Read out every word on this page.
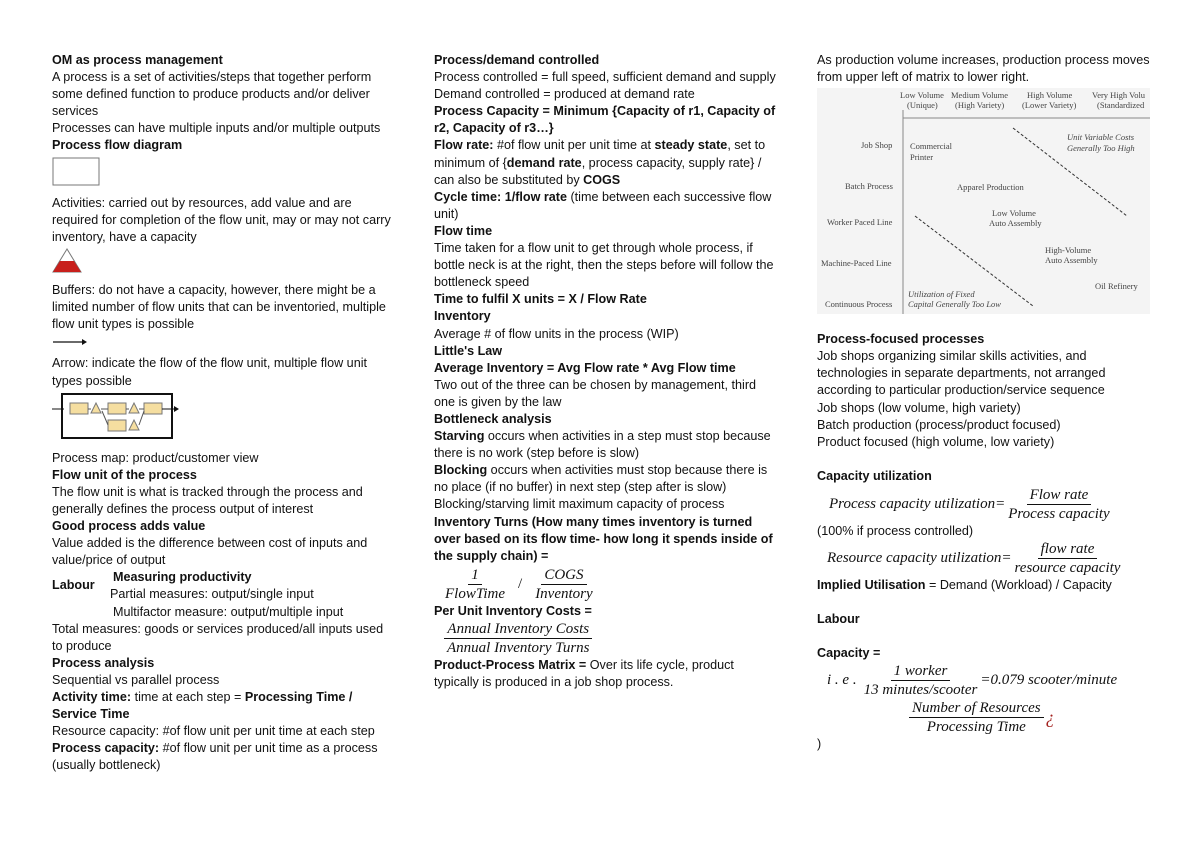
OM as process management

A process is a set of activities/steps that together perform some defined function to produce products and/or deliver services

Processes can have multiple inputs and/or multiple outputs

Process flow diagram

Activities: carried out by resources, add value and are required for completion of the flow unit, may or may not carry inventory, have a capacity

Buffers: do not have a capacity, however, there might be a limited number of flow units that can be inventoried, multiple flow unit types is possible

Arrow: indicate the flow of the flow unit, multiple flow unit types possible

Process map: product/customer view

Flow unit of the process

The flow unit is what is tracked through the process and generally defines the process output of interest

Good process adds value

Value added is the difference between cost of inputs and value/price of output

Labour

Measuring productivity

Partial measures: output/single input

Multifactor measure: output/multiple input

Total measures: goods or services produced/all inputs used to produce

Process analysis

Sequential vs parallel process

Activity time: time at each step = Processing Time / Service Time

Resource capacity: #of flow unit per unit time at each step

Process capacity: #of flow unit per unit time as a process (usually bottleneck)

Process/demand controlled

Process controlled = full speed, sufficient demand and supply

Demand controlled = produced at demand rate

Process Capacity = Minimum {Capacity of r1, Capacity of r2, Capacity of r3…}

Flow rate: #of flow unit per unit time at steady state, set to minimum of {demand rate, process capacity, supply rate} / can also be substituted by COGS

Cycle time: 1/flow rate (time between each successive flow unit)

Flow time

Time taken for a flow unit to get through whole process, if bottle neck is at the right, then the steps before will follow the bottleneck speed

Time to fulfil X units = X / Flow Rate

Inventory

Average # of flow units in the process (WIP)

Little's Law

Average Inventory = Avg Flow rate * Avg Flow time

Two out of the three can be chosen by management, third one is given by the law

Bottleneck analysis

Starving occurs when activities in a step must stop because there is no work (step before is slow)

Blocking occurs when activities must stop because there is no place (if no buffer) in next step (step after is slow)

Blocking/starving limit maximum capacity of process

Inventory Turns (How many times inventory is turned over based on its flow time- how long it spends inside of the supply chain) =

$\frac{1}{\text{FlowTime}} / \frac{\text{COGS}}{\text{Inventory}}$

Per Unit Inventory Costs =

$\frac{\text{Annual Inventory Costs}}{\text{Annual Inventory Turns}}$

Product-Process Matrix = Over its life cycle, product typically is produced in a job shop process.

As production volume increases, production process moves from upper left of matrix to lower right.

Low Volume
(Unique)
Medium Volume
(High Variety)
High Volume
(Lower Variety)
Very High Volu
(Standardized
Job Shop
Batch Process
Worker Paced Line
Machine-Paced Line
Continuous Process
Commercial
Printer
Apparel Production
Low Volume
Auto Assembly
High-Volume
Auto Assembly
Oil Refinery
Unit Variable Costs
Generally Too High
Utilization of Fixed
Capital Generally Too Low

Process-focused processes

Job shops organizing similar skills activities, and technologies in separate departments, not arranged according to particular production/service sequence

Job shops (low volume, high variety)

Batch production (process/product focused)

Product focused (high volume, low variety)

Capacity utilization

Process capacity utilization= $\frac{\text{Flow rate}}{\text{Process capacity}}$

(100% if process controlled)

Resource capacity utilization= $\frac{\text{flow rate}}{\text{resource capacity}}$

Implied Utilisation = Demand (Workload) / Capacity

Labour

Capacity =

i . e . $\frac{\text{1 worker}}{\text{13 minutes/scooter}} =0.079$ scooter/minute
$\frac{\text{Number of Resources}}{\text{Processing Time}}$ ¿

)
